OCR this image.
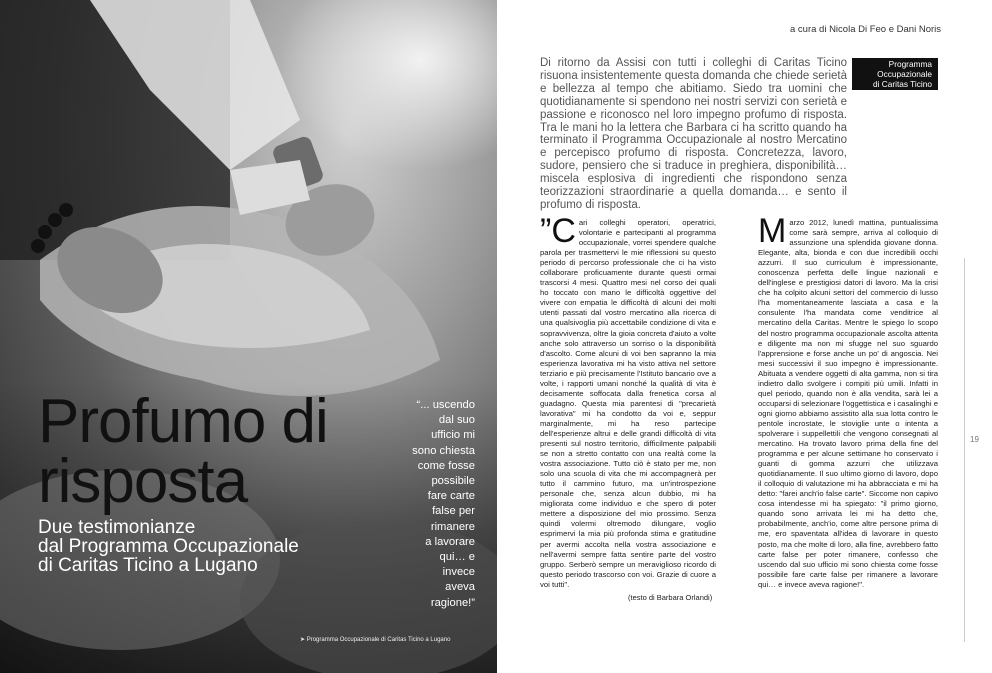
Profumo di risposta
Due testimonianze
dal Programma Occupazionale
di Caritas Ticino a Lugano
“... uscendo
dal suo
ufficio mi
sono chiesta
come fosse
possibile
fare carte
false per
rimanere
a lavorare
qui… e
invece
aveva
ragione!”
➤ Programma Occupazionale di Caritas Ticino a Lugano
a cura di Nicola Di Feo e Dani Noris
Programma
Occupazionale
di Caritas Ticino

Di ritorno da Assisi con tutti i colleghi di Caritas Ticino risuona insistentemente questa domanda che chiede serietà e bellezza al tempo che abitiamo. Siedo tra uomini che quotidianamente si spendono nei nostri servizi con serietà e passione e riconosco nel loro impegno profumo di risposta. Tra le mani ho la lettera che Barbara ci ha scritto quando ha terminato il Programma Occupazionale al nostro Mercatino e percepisco profumo di risposta. Concretezza, lavoro, sudore, pensiero che si traduce in preghiera, disponibilità… miscela esplosiva di ingredienti che rispondono senza teorizzazioni straordinarie a quella domanda… e sento il profumo di risposta.

”C ari colleghi operatori, operatrici, volontarie e partecipanti al programma occupazionale, vorrei spendere qualche parola per trasmettervi le mie riflessioni su questo periodo di percorso professionale che ci ha visto collaborare proficuamente durante questi ormai trascorsi 4 mesi. Quattro mesi nel corso dei quali ho toccato con mano le difficoltà oggettive del vivere con empatia le difficoltà di alcuni dei molti utenti passati dal vostro mercatino alla ricerca di una qualsivoglia più accettabile condizione di vita e sopravvivenza, oltre la gioia concreta d'aiuto a volte anche solo attraverso un sorriso o la disponibilità d'ascolto. Come alcuni di voi ben sapranno la mia esperienza lavorativa mi ha visto attiva nel settore terziario e più precisamente l'Istituto bancario ove a volte, i rapporti umani nonché la qualità di vita è decisamente soffocata dalla frenetica corsa al guadagno. Questa mia parentesi di "precarietà lavorativa" mi ha condotto da voi e, seppur marginalmente, mi ha reso partecipe dell'esperienze altrui e delle grandi difficoltà di vita presenti sul nostro territorio, difficilmente palpabili se non a stretto contatto con una realtà come la vostra associazione. Tutto ciò è stato per me, non solo una scuola di vita che mi accompagnerà per tutto il cammino futuro, ma un'introspezione personale che, senza alcun dubbio, mi ha migliorata come individuo e che spero di poter mettere a disposizione del mio prossimo. Senza quindi volermi oltremodo dilungare, voglio esprimervi la mia più profonda stima e gratitudine per avermi accolta nella vostra associazione e nell'avermi sempre fatta sentire parte del vostro gruppo. Serberò sempre un meraviglioso ricordo di questo periodo trascorso con voi. Grazie di cuore a voi tutti".
(testo di Barbara Orlandi)
Marzo 2012, lunedì mattina, puntualissima come sarà sempre, arriva al colloquio di assunzione una splendida giovane donna. Elegante, alta, bionda e con due incredibili occhi azzurri. Il suo curriculum è impressionante, conoscenza perfetta delle lingue nazionali e dell'inglese e prestigiosi datori di lavoro. Ma la crisi che ha colpito alcuni settori del commercio di lusso l'ha momentaneamente lasciata a casa e la consulente l'ha mandata come venditrice al mercatino della Caritas. Mentre le spiego lo scopo del nostro programma occupazionale ascolta attenta e diligente ma non mi sfugge nel suo sguardo l'apprensione e forse anche un po' di angoscia. Nei mesi successivi il suo impegno è impressionante. Abituata a vendere oggetti di alta gamma, non si tira indietro dallo svolgere i compiti più umili. Infatti in quel periodo, quando non è alla vendita, sarà lei a occuparsi di selezionare l'oggettistica e i casalinghi e ogni giorno abbiamo assistito alla sua lotta contro le pentole incrostate, le stoviglie unte o intenta a spolverare i suppellettili che vengono consegnati al mercatino. Ha trovato lavoro prima della fine del programma e per alcune settimane ho conservato i guanti di gomma azzurri che utilizzava quotidianamente. Il suo ultimo giorno di lavoro, dopo il colloquio di valutazione mi ha abbracciata e mi ha detto: "farei anch'io false carte". Siccome non capivo cosa intendesse mi ha spiegato: "il primo giorno, quando sono arrivata lei mi ha detto che, probabilmente, anch'io, come altre persone prima di me, ero spaventata all'idea di lavorare in questo posto, ma che molte di loro, alla fine, avrebbero fatto carte false per poter rimanere, confesso che uscendo dal suo ufficio mi sono chiesta come fosse possibile fare carte false per rimanere a lavorare qui… e invece aveva ragione!".
19
